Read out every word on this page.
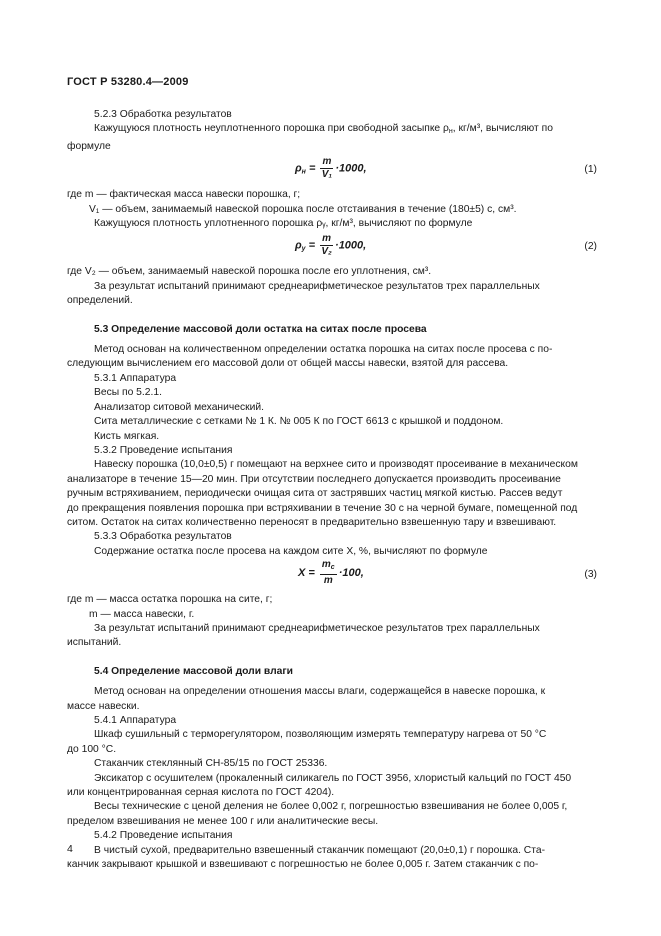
ГОСТ Р 53280.4—2009

5.2.3 Обработка результатов

Кажущуюся плотность неуплотненного порошка при свободной засыпке $\rho_н$, кг/м³, вычисляют по

формуле

$\rho_н = \frac{m}{\text{V₁}} \cdot 1000$,	(1)

где m — фактическая масса навески порошка, г;

V₁ — объем, занимаемый навеской порошка после отстаивания в течение (180±5) с, см³.

Кажущуюся плотность уплотненного порошка ρᵧ, кг/м³, вычисляют по формуле

$\rho_у = \frac{m}{\text{V₂}} \cdot 1000$,	(2)

где V₂ — объем, занимаемый навеской порошка после его уплотнения, см³.

За результат испытаний принимают среднеарифметическое результатов трех параллельных

определений.

5.3 Определение массовой доли остатка на ситах после просева

Метод основан на количественном определении остатка порошка на ситах после просева с по-

следующим вычислением его массовой доли от общей массы навески, взятой для рассева.

5.3.1 Аппаратура

Весы по 5.2.1.

Анализатор ситовой механический.

Сита металлические с сетками № 1 К. № 005 К по ГОСТ 6613 с крышкой и поддоном.

Кисть мягкая.

5.3.2 Проведение испытания

Навеску порошка (10,0±0,5) г помещают на верхнее сито и производят просеивание в механическом

анализаторе в течение 15—20 мин. При отсутствии последнего допускается производить просеивание

ручным встряхиванием, периодически очищая сита от застрявших частиц мягкой кистью. Рассев ведут

до прекращения появления порошка при встряхивании в течение 30 с на черной бумаге, помещенной под

ситом. Остаток на ситах количественно переносят в предварительно взвешенную тару и взвешивают.

5.3.3 Обработка результатов

Содержание остатка после просева на каждом сите X, %, вычисляют по формуле

$X = \frac{m_с}{m} \cdot 100$,	(3)

где m — масса остатка порошка на сите, г;

m — масса навески, г.

За результат испытаний принимают среднеарифметическое результатов трех параллельных

испытаний.

5.4 Определение массовой доли влаги

Метод основан на определении отношения массы влаги, содержащейся в навеске порошка, к

массе навески.

5.4.1 Аппаратура

Шкаф сушильный с терморегулятором, позволяющим измерять температуру нагрева от 50 °С

до 100 °С.

Стаканчик стеклянный СН-85/15 по ГОСТ 25336.

Эксикатор с осушителем (прокаленный силикагель по ГОСТ 3956, хлористый кальций по ГОСТ 450

или концентрированная серная кислота по ГОСТ 4204).

Весы технические с ценой деления не более 0,002 г, погрешностью взвешивания не более 0,005 г,

пределом взвешивания не менее 100 г или аналитические весы.

5.4.2 Проведение испытания

В чистый сухой, предварительно взвешенный стаканчик помещают (20,0±0,1) г порошка. Ста-

канчик закрывают крышкой и взвешивают с погрешностью не более 0,005 г. Затем стаканчик с по-

4
